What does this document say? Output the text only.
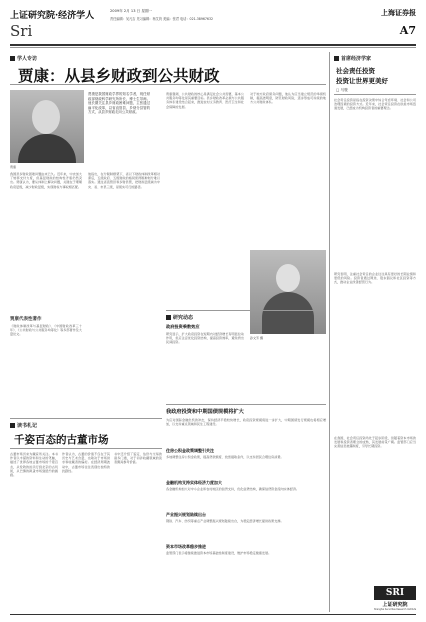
上证研究院·经济学人
Sri
2009年 2月 13 日 星期一
责任编辑：吴凡吉 见习编辑：杨艾钧 美编：张君 电话：021-38967632
上海证券报
A7
学人专访
贾康：从县乡财政到公共财政
贾康
贾康是我国财政学界的知名学者，现任财政部财政科学研究所所长、博士生导师。他长期关注县乡财政困难问题，主张通过扁平化改革，以省直管县、乡财分县管的方式，从县乡财政走向公共财政。
我国县乡财政困难问题由来已久。近年来，中央加大了转移支付力度，但基层财政的结构性矛盾仍然突出。贾康认为，要从体制上解决问题，关键在于理顺政府层级，减少财政层级，实现财权与事权相匹配。
他指出，在分税制框架下，省以下财政体制改革相对滞后，五级政府、五级财政的格局使得税种划分难以落实。通过省直管县和乡财县管，把财政层级减为中央、省、市县三级，是现实可行的路径。
贾康强调，公共财政的核心是满足社会公共需要，基本公共服务均等化是其重要目标。县乡财政改革必须与公共服务体系建设结合起来，推进农村义务教育、医疗卫生和社会保障的发展。
对于地方政府债务问题，他认为应当建立规范的举债机制，提高透明度，防范财政风险，逐步形成可持续的地方公共财政体系。
贾康代表性著作
《财政体制改革与基层财政》、《中国财政改革三十年》、《公共财政与公共服务均等化》等多部著作及大量论文。
孙文芳 摄
研究动态
政府投资乘数效应
研究显示，扩大政府投资在短期内对经济增长有明显拉动作用，但应注意优化投资结构，提高投资效率，避免挤出民间投资。
我政府投资和中期国债规模将扩大
为应对国际金融危机的冲击，保持经济平稳较快增长，政府投资规模将进一步扩大，中期国债发行规模也将相应增加，以支持重点领域和民生工程建设。
住房公积金政策调整引关注
多地调整住房公积金政策，提高贷款额度、放宽提取条件，以支持居民合理住房消费。
金融机构支持实体经济力度加大
各金融机构加大对中小企业和农村地区的信贷支持，优化信贷结构，确保信贷资金流向实体经济。
产业振兴规划陆续出台
钢铁、汽车、纺织等重点产业调整振兴规划陆续出台，为稳定经济增长提供政策支撑。
资本市场改革稳步推进
监管部门表示将继续推进资本市场基础性制度建设，维护市场稳定健康发展。
读书札记
千姿百态的古董市场
古董市场历来为藏家所关注。本书作者以丰富的资料和生动的笔触，描述了世界各地古董市场的千姿百态，从伦敦的拍卖行到北京的古玩街，从巴黎的跳蚤市场到纽约的画廊。
作者认为，古董的价值不仅在于其历史与艺术含量，也取决于市场供求和收藏者的偏好。在经济周期波动中，古董市场往往表现出独特的抗跌性。
书中还介绍了鉴定、估价与交易的诸多门道，对于初涉收藏领域的读者颇具参考价值。
首席经济学家
社会责任投资
投资让世界更美好
□ 马骏
社会责任投资是指在投资决策中综合考虑环境、社会和公司治理因素的投资方式。近年来，社会责任投资在欧美市场迅速发展，已经成为机构投资者的重要理念。
研究表明，注重社会责任的企业往往具有更好的长期业绩和更低的风险。投资者通过筛选、股东倡议和社区投资等方式，推动企业改善经营行为。
在我国，社会责任投资尚处于起步阶段，但随着资本市场的发展和投资者理念的成熟，其发展前景广阔。监管部门应当完善信息披露制度，引导长期投资。
SRI
上证研究院
Shanghai Securities Research Institute
